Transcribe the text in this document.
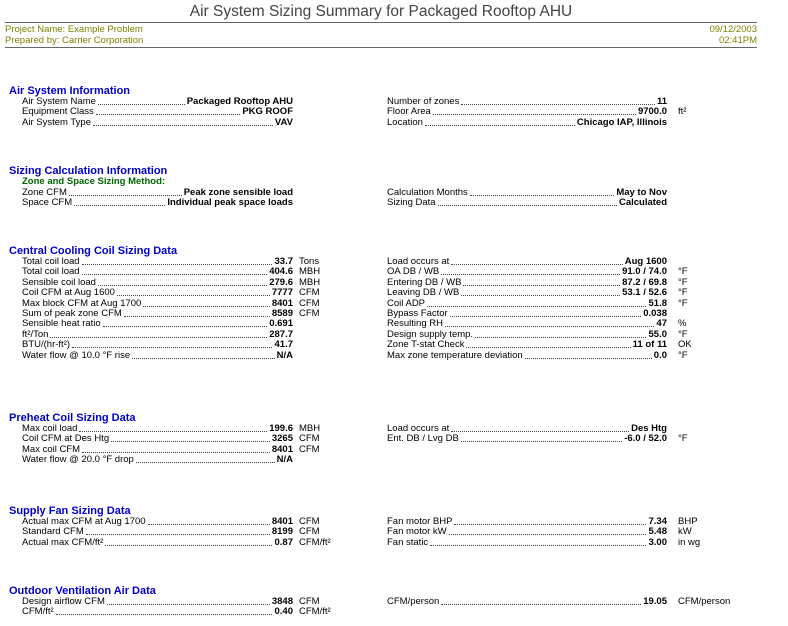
Air System Sizing Summary for Packaged Rooftop AHU
Project Name: Example Problem
Prepared by: Carrier Corporation
09/12/2003
02:41PM
Air System Information
Air System Name	Packaged Rooftop AHU
Equipment Class	PKG ROOF
Air System Type	VAV
Number of zones	11
Floor Area	9700.0 ft²
Location	Chicago IAP, Illinois
Sizing Calculation Information
Zone and Space Sizing Method:
Zone CFM	Peak zone sensible load
Space CFM	Individual peak space loads
Calculation Months	May to Nov
Sizing Data	Calculated
Central Cooling Coil Sizing Data
Total coil load	33.7 Tons
Total coil load	404.6 MBH
Sensible coil load	279.6 MBH
Coil CFM at Aug 1600	7777 CFM
Max block CFM at Aug 1700	8401 CFM
Sum of peak zone CFM	8589 CFM
Sensible heat ratio	0.691
ft²/Ton	287.7
BTU/(hr-ft²)	41.7
Water flow @ 10.0 °F rise	N/A
Load occurs at	Aug 1600
OA DB / WB	91.0 / 74.0 °F
Entering DB / WB	87.2 / 69.8 °F
Leaving DB / WB	53.1 / 52.6 °F
Coil ADP	51.8 °F
Bypass Factor	0.038
Resulting RH	47 %
Design supply temp.	55.0 °F
Zone T-stat Check	11 of 11 OK
Max zone temperature deviation	0.0 °F
Preheat Coil Sizing Data
Max coil load	199.6 MBH
Coil CFM at Des Htg	3265 CFM
Max coil CFM	8401 CFM
Water flow @ 20.0 °F drop	N/A
Load occurs at	Des Htg
Ent. DB / Lvg DB	-6.0 / 52.0 °F
Supply Fan Sizing Data
Actual max CFM at Aug 1700	8401 CFM
Standard CFM	8199 CFM
Actual max CFM/ft²	0.87 CFM/ft²
Fan motor BHP	7.34 BHP
Fan motor kW	5.48 kW
Fan static	3.00 in wg
Outdoor Ventilation Air Data
Design airflow CFM	3848 CFM
CFM/ft²	0.40 CFM/ft²
CFM/person	19.05 CFM/person
